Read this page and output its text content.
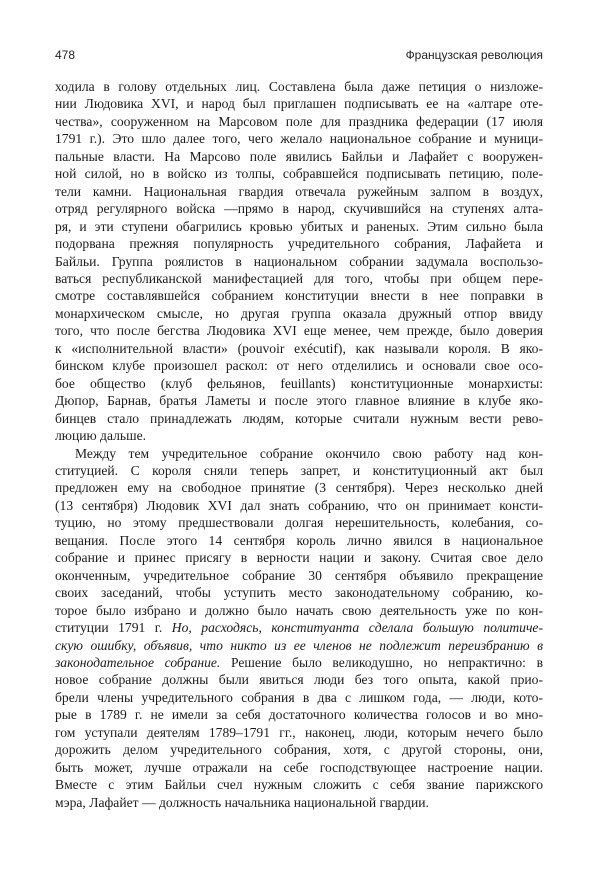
478	Французская революция

ходила в голову отдельных лиц. Составлена была даже петиция о низложе-
нии Людовика XVI, и народ был приглашен подписывать ее на «алтаре оте-
чества», сооруженном на Марсовом поле для праздника федерации (17 июля
1791 г.). Это шло далее того, чего желало национальное собрание и муници-
пальные власти. На Марсово поле явились Байльи и Лафайет с вооружен-
ной силой, но в войско из толпы, собравшейся подписывать петицию, поле-
тели камни. Национальная гвардия отвечала ружейным залпом в воздух,
отряд регулярного войска —прямо в народ, скучившийся на ступенях алта-
ря, и эти ступени обагрились кровью убитых и раненых. Этим сильно была
подорвана прежняя популярность учредительного собрания, Лафайета и
Байльи. Группа роялистов в национальном собрании задумала воспользо-
ваться республиканской манифестацией для того, чтобы при общем пере-
смотре составлявшейся собранием конституции внести в нее поправки в
монархическом смысле, но другая группа оказала дружный отпор ввиду
того, что после бегства Людовика XVI еще менее, чем прежде, было доверия
к «исполнительной власти» (pouvoir exécutif), как называли короля. В яко-
бинском клубе произошел раскол: от него отделились и основали свое осо-
бое общество (клуб фельянов, feuillants) конституционные монархисты:
Дюпор, Барнав, братья Ламеты и после этого главное влияние в клубе яко-
бинцев стало принадлежать людям, которые считали нужным вести рево-
люцию дальше.

Между тем учредительное собрание окончило свою работу над кон-
ституцией. С короля сняли теперь запрет, и конституционный акт был
предложен ему на свободное принятие (3 сентября). Через несколько дней
(13 сентября) Людовик XVI дал знать собранию, что он принимает консти-
туцию, но этому предшествовали долгая нерешительность, колебания, со-
вещания. После этого 14 сентября король лично явился в национальное
собрание и принес присягу в верности нации и закону. Считая свое дело
оконченным, учредительное собрание 30 сентября объявило прекращение
своих заседаний, чтобы уступить место законодательному собранию, ко-
торое было избрано и должно было начать свою деятельность уже по кон-
ституции 1791 г. Но, расходясь, конституанта сделала большую политиче-
скую ошибку, объявив, что никто из ее членов не подлежит переизбранию в
законодательное собрание. Решение было великодушно, но непрактично: в
новое собрание должны были явиться люди без того опыта, какой прио-
брели члены учредительного собрания в два с лишком года, — люди, кото-
рые в 1789 г. не имели за себя достаточного количества голосов и во мно-
гом уступали деятелям 1789–1791 гг., наконец, люди, которым нечего было
дорожить делом учредительного собрания, хотя, с другой стороны, они,
быть может, лучше отражали на себе господствующее настроение нации.
Вместе с этим Байльи счел нужным сложить с себя звание парижского
мэра, Лафайет — должность начальника национальной гвардии.
